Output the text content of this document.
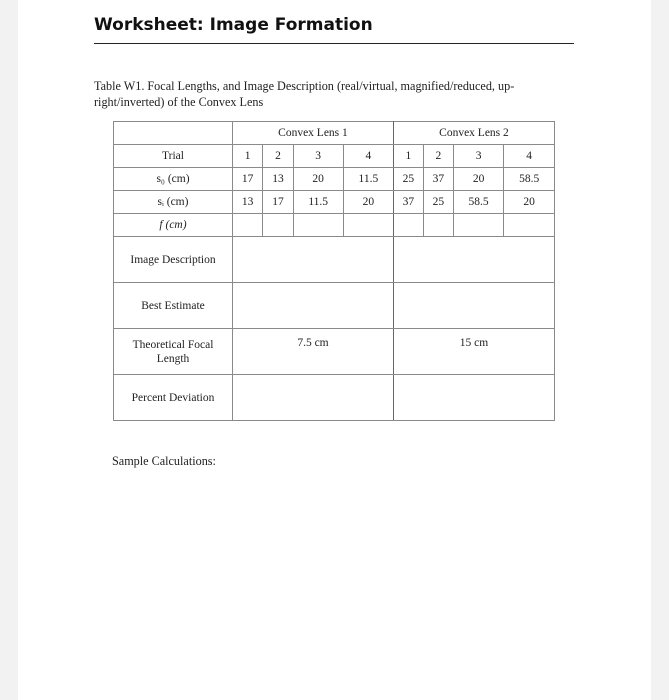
Worksheet: Image Formation
Table W1. Focal Lengths, and Image Description (real/virtual, magnified/reduced, up-right/inverted) of the Convex Lens
	Convex Lens 1				Convex Lens 2			
Trial	1	2	3	4	1	2	3	4
s₀ (cm)	17	13	20	11.5	25	37	20	58.5
sᵢ (cm)	13	17	11.5	20	37	25	58.5	20
f (cm)								
Image Description								
Best Estimate								
Theoretical Focal Length	7.5 cm				15 cm			
Percent Deviation								
Sample Calculations:
